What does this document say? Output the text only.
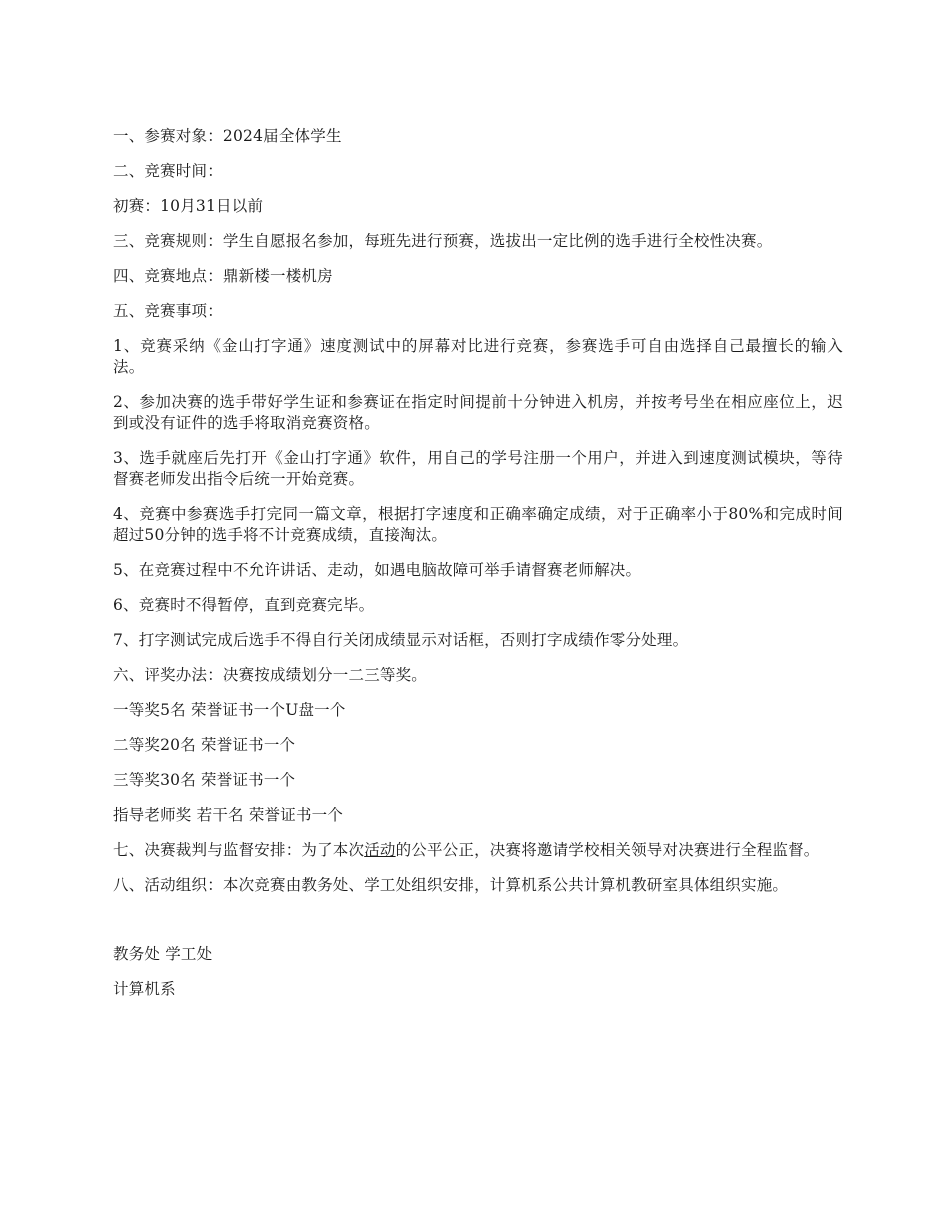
一、参赛对象：2024届全体学生

二、竞赛时间：

初赛：10月31日以前

三、竞赛规则：学生自愿报名参加，每班先进行预赛，选拔出一定比例的选手进行全校性决赛。

四、竞赛地点：鼎新楼一楼机房

五、竞赛事项：

1、竞赛采纳《金山打字通》速度测试中的屏幕对比进行竞赛，参赛选手可自由选择自己最擅长的输入法。

2、参加决赛的选手带好学生证和参赛证在指定时间提前十分钟进入机房，并按考号坐在相应座位上，迟到或没有证件的选手将取消竞赛资格。

3、选手就座后先打开《金山打字通》软件，用自己的学号注册一个用户，并进入到速度测试模块，等待督赛老师发出指令后统一开始竞赛。

4、竞赛中参赛选手打完同一篇文章，根据打字速度和正确率确定成绩，对于正确率小于80%和完成时间超过50分钟的选手将不计竞赛成绩，直接淘汰。

5、在竞赛过程中不允许讲话、走动，如遇电脑故障可举手请督赛老师解决。

6、竞赛时不得暂停，直到竞赛完毕。

7、打字测试完成后选手不得自行关闭成绩显示对话框，否则打字成绩作零分处理。

六、评奖办法：决赛按成绩划分一二三等奖。

一等奖5名 荣誉证书一个U盘一个

二等奖20名 荣誉证书一个

三等奖30名 荣誉证书一个

指导老师奖 若干名 荣誉证书一个

七、决赛裁判与监督安排：为了本次活动的公平公正，决赛将邀请学校相关领导对决赛进行全程监督。

八、活动组织：本次竞赛由教务处、学工处组织安排，计算机系公共计算机教研室具体组织实施。

教务处 学工处

计算机系
